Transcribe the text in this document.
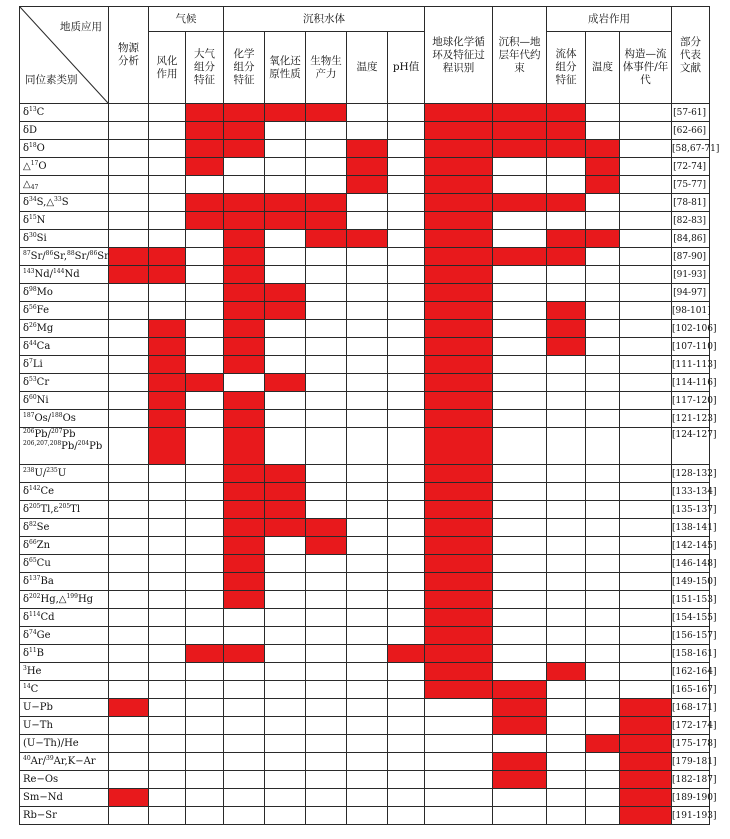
地质应用
同位素类别	物源分析	气候		沉积水体					地球化学循环及特征过程识别	沉积—地层年代约束	成岩作用			部分代表文献
		风化作用	大气组分特征	化学组分特征	氧化还原性质	生物生产力	温度	pH值			流体组分特征	温度	构造—流体事件/年代	
$\delta^{13}C$														[57-61]
δD														[62-66]
$\delta^{18}O$														[58,67-71]
△$^{17}$O														[72-74]
$\triangle_{47}$														[75-77]
$\delta^{34}S,\triangle^{33}S$														[78-81]
$\delta^{15}N$														[82-83]
$\delta^{30}Si$														[84,86]
$^{87}$Sr/$^{86}$Sr,$^{88}$Sr/$^{86}$Sr														[87-90]
$^{143}$Nd/$^{144}$Nd														[91-93]
$\delta^{98}Mo$														[94-97]
$\delta^{56}Fe$														[98-101]
$\delta^{26}Mg$														[102-106]
$\delta^{44}Ca$														[107-110]
$\delta^7Li$														[111-113]
$\delta^{53}Cr$														[114-116]
$\delta^{60}Ni$														[117-120]
$^{187}$Os/$^{188}$Os														[121-123]
$^{206}$Pb/$^{207}$Pb
$^{206,207,208}$Pb/$^{204}$Pb														[124-127]
$^{238}$U/$^{235}$U														[128-132]
$\delta^{142}Ce$														[133-134]
$\delta^{205}Tl,\varepsilon^{205}Tl$														[135-137]
$\delta^{82}Se$														[138-141]
$\delta^{66}Zn$														[142-145]
$\delta^{65}Cu$														[146-148]
$\delta^{137}Ba$														[149-150]
$\delta^{202}Hg,\triangle^{199}Hg$														[151-153]
$\delta^{114}Cd$														[154-155]
$\delta^{74}Ge$														[156-157]
$\delta^{11}B$														[158-161]
$^3$He														[162-164]
$^{14}$C														[165-167]
U−Pb														[168-171]
U−Th														[172-174]
(U−Th)/He														[175-178]
$^{40}$Ar/$^{39}$Ar,K−Ar														[179-181]
Re−Os														[182-187]
Sm−Nd														[189-190]
Rb−Sr														[191-193]
